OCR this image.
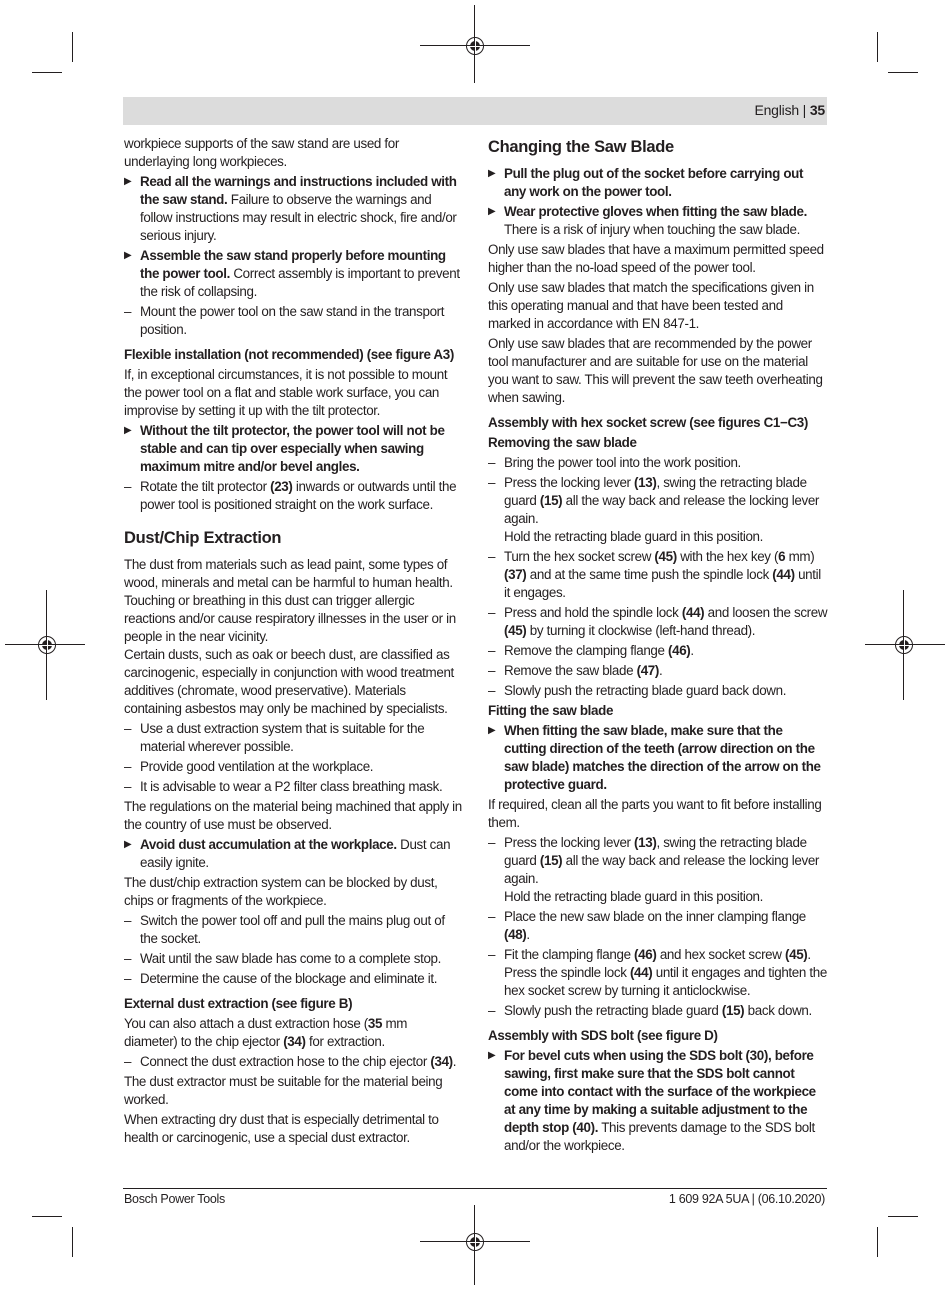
English | 35

workpiece supports of the saw stand are used for underlaying long workpieces.

▶ Read all the warnings and instructions included with the saw stand. Failure to observe the warnings and follow instructions may result in electric shock, fire and/or serious injury.
▶ Assemble the saw stand properly before mounting the power tool. Correct assembly is important to prevent the risk of collapsing.
– Mount the power tool on the saw stand in the transport position.
Flexible installation (not recommended) (see figure A3)

If, in exceptional circumstances, it is not possible to mount the power tool on a flat and stable work surface, you can improvise by setting it up with the tilt protector.

▶ Without the tilt protector, the power tool will not be stable and can tip over especially when sawing maximum mitre and/or bevel angles.
– Rotate the tilt protector (23) inwards or outwards until the power tool is positioned straight on the work surface.
Dust/Chip Extraction

The dust from materials such as lead paint, some types of wood, minerals and metal can be harmful to human health. Touching or breathing in this dust can trigger allergic reactions and/or cause respiratory illnesses in the user or in people in the near vicinity.

Certain dusts, such as oak or beech dust, are classified as carcinogenic, especially in conjunction with wood treatment additives (chromate, wood preservative). Materials containing asbestos may only be machined by specialists.

– Use a dust extraction system that is suitable for the material wherever possible.
– Provide good ventilation at the workplace.
– It is advisable to wear a P2 filter class breathing mask.

The regulations on the material being machined that apply in the country of use must be observed.

▶ Avoid dust accumulation at the workplace. Dust can easily ignite.

The dust/chip extraction system can be blocked by dust, chips or fragments of the workpiece.

– Switch the power tool off and pull the mains plug out of the socket.
– Wait until the saw blade has come to a complete stop.
– Determine the cause of the blockage and eliminate it.
External dust extraction (see figure B)

You can also attach a dust extraction hose (35 mm diameter) to the chip ejector (34) for extraction.

– Connect the dust extraction hose to the chip ejector (34).

The dust extractor must be suitable for the material being worked.

When extracting dry dust that is especially detrimental to health or carcinogenic, use a special dust extractor.

Changing the Saw Blade
▶ Pull the plug out of the socket before carrying out any work on the power tool.
▶ Wear protective gloves when fitting the saw blade. There is a risk of injury when touching the saw blade.

Only use saw blades that have a maximum permitted speed higher than the no-load speed of the power tool.

Only use saw blades that match the specifications given in this operating manual and that have been tested and marked in accordance with EN 847-1.

Only use saw blades that are recommended by the power tool manufacturer and are suitable for use on the material you want to saw. This will prevent the saw teeth overheating when sawing.

Assembly with hex socket screw (see figures C1−C3)
Removing the saw blade
– Bring the power tool into the work position.
– Press the locking lever (13), swing the retracting blade guard (15) all the way back and release the locking lever again.
Hold the retracting blade guard in this position.
– Turn the hex socket screw (45) with the hex key (6 mm) (37) and at the same time push the spindle lock (44) until it engages.
– Press and hold the spindle lock (44) and loosen the screw (45) by turning it clockwise (left-hand thread).
– Remove the clamping flange (46).
– Remove the saw blade (47).
– Slowly push the retracting blade guard back down.
Fitting the saw blade
▶ When fitting the saw blade, make sure that the cutting direction of the teeth (arrow direction on the saw blade) matches the direction of the arrow on the protective guard.

If required, clean all the parts you want to fit before installing them.

– Press the locking lever (13), swing the retracting blade guard (15) all the way back and release the locking lever again.
Hold the retracting blade guard in this position.
– Place the new saw blade on the inner clamping flange (48).
– Fit the clamping flange (46) and hex socket screw (45). Press the spindle lock (44) until it engages and tighten the hex socket screw by turning it anticlockwise.
– Slowly push the retracting blade guard (15) back down.
Assembly with SDS bolt (see figure D)
▶ For bevel cuts when using the SDS bolt (30), before sawing, first make sure that the SDS bolt cannot come into contact with the surface of the workpiece at any time by making a suitable adjustment to the depth stop (40). This prevents damage to the SDS bolt and/or the workpiece.
Bosch Power Tools	1 609 92A 5UA | (06.10.2020)
